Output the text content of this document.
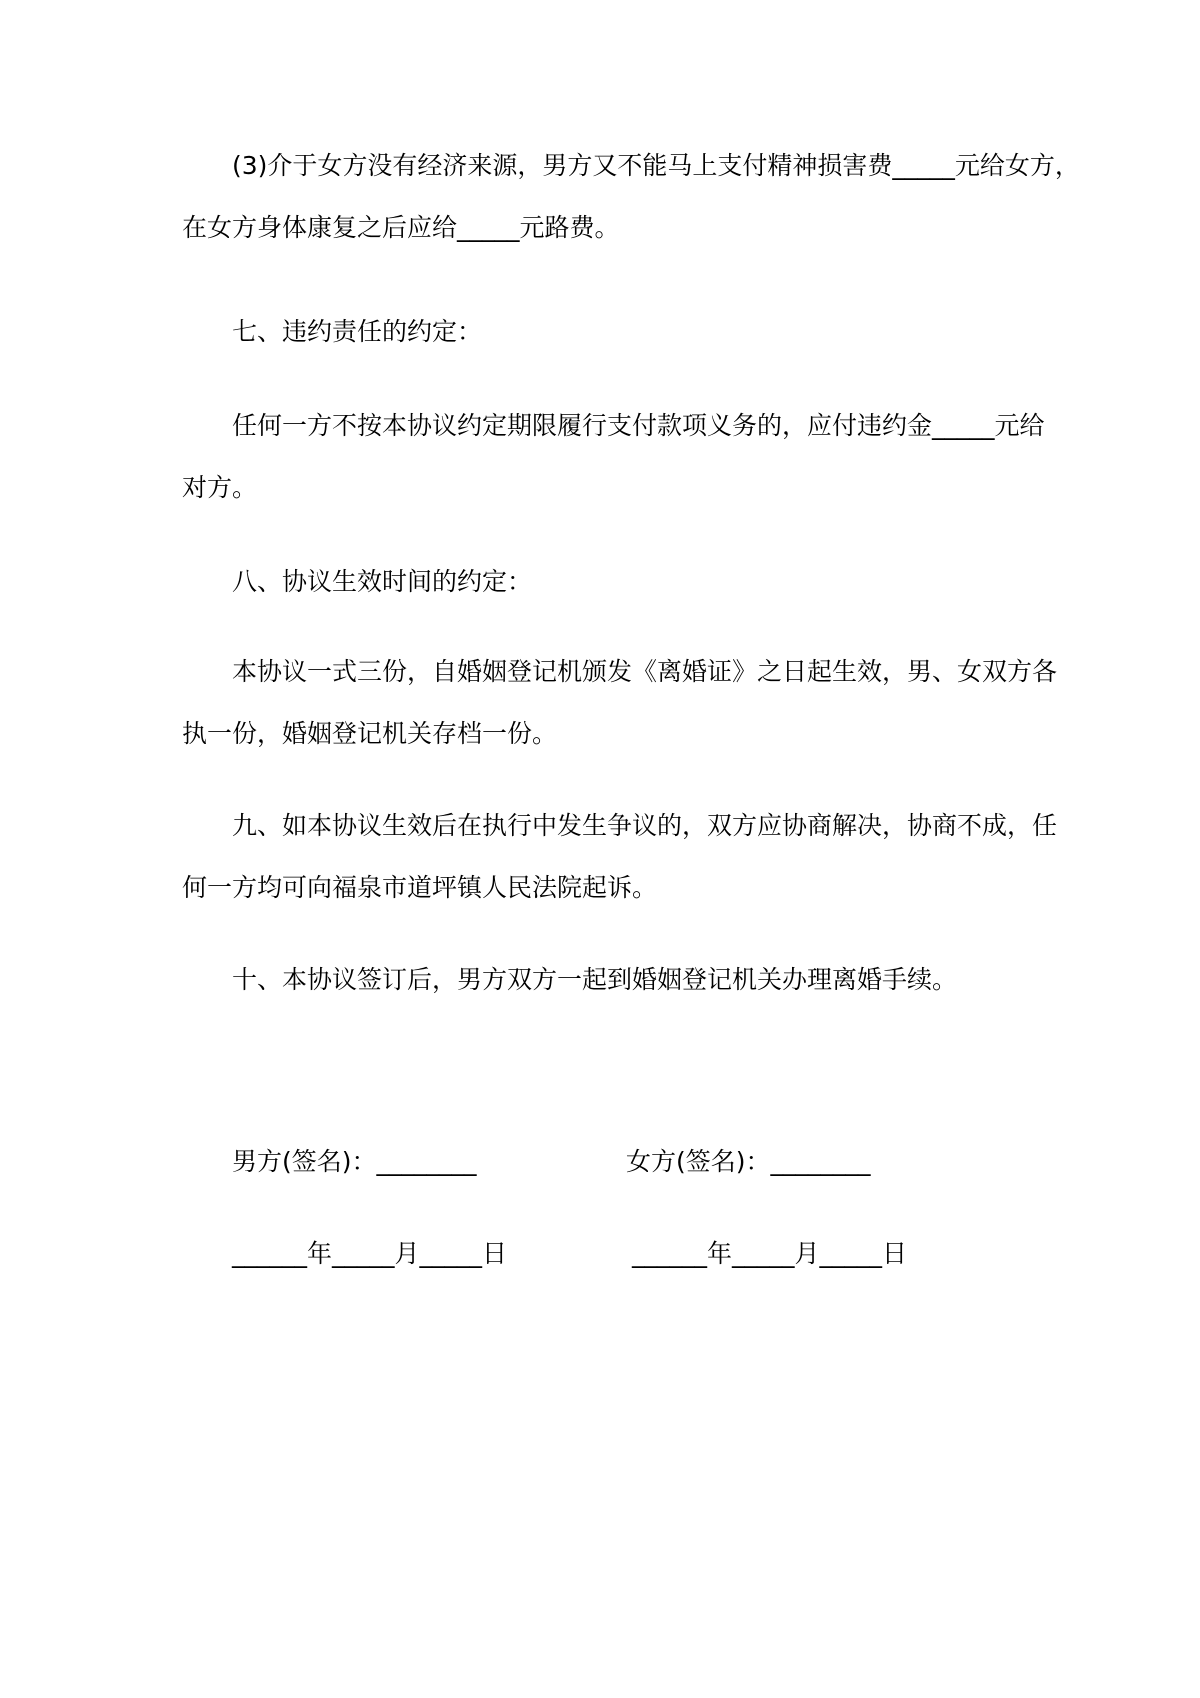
(3)介于女方没有经济来源，男方又不能马上支付精神损害费_____元给女方，
在女方身体康复之后应给_____元路费。
七、违约责任的约定：
任何一方不按本协议约定期限履行支付款项义务的，应付违约金_____元给
对方。
八、协议生效时间的约定：
本协议一式三份，自婚姻登记机颁发《离婚证》之日起生效，男、女双方各
执一份，婚姻登记机关存档一份。
九、如本协议生效后在执行中发生争议的，双方应协商解决，协商不成，任
何一方均可向福泉市道坪镇人民法院起诉。
十、本协议签订后，男方双方一起到婚姻登记机关办理离婚手续。
男方(签名)：________	女方(签名)：________
______年_____月_____日	______年_____月_____日
